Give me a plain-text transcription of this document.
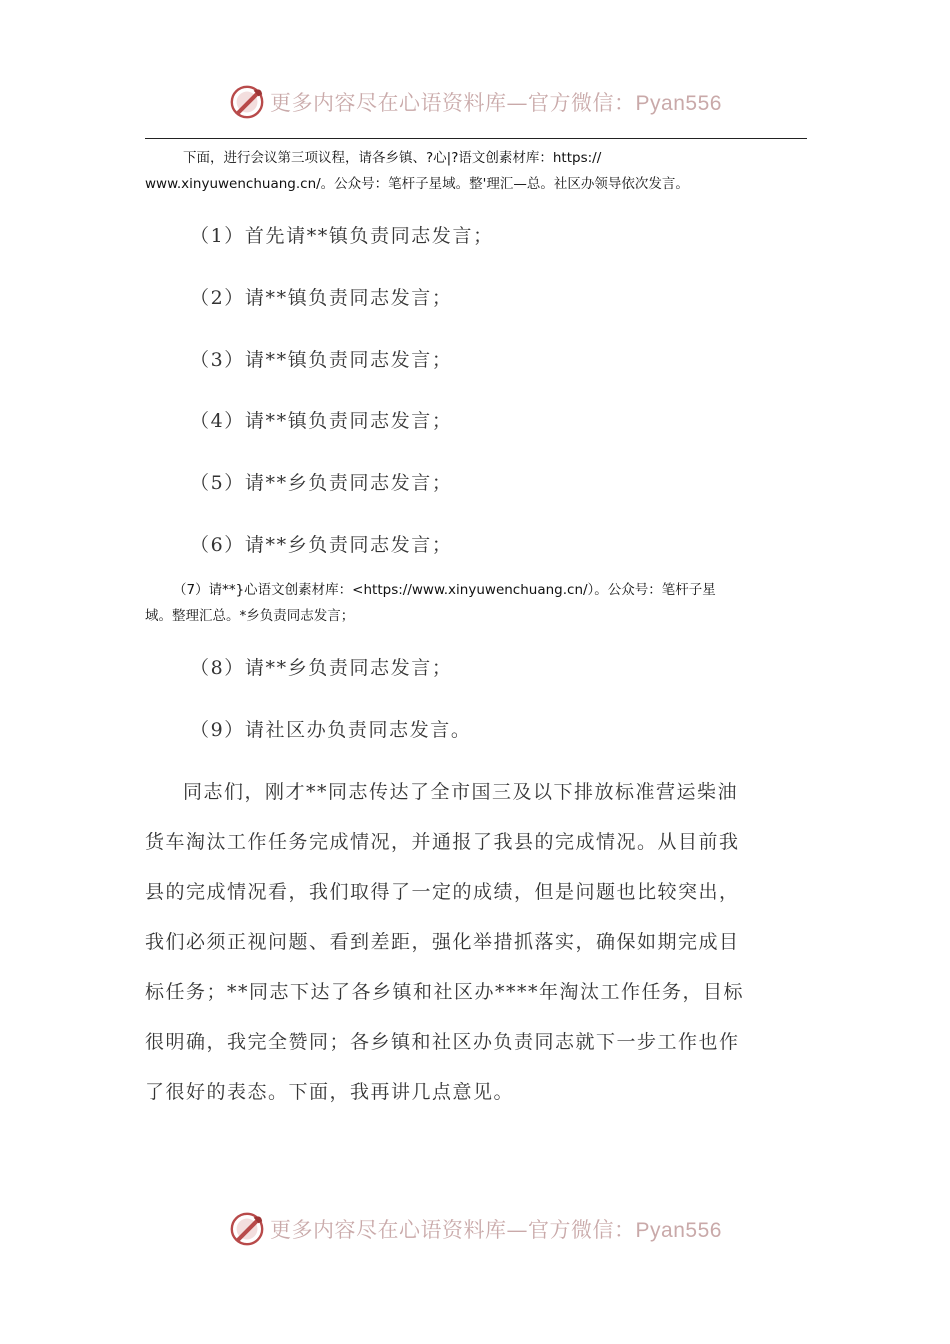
更多内容尽在心语资料库—官方微信：Pyan556
下面，进行会议第三项议程，请各乡镇、?心|?语文创素材库：https://
www.xinyuwenchuang.cn/。公众号：笔杆子星域。整'理汇—总。社区办领导依次发言。
（1）首先请**镇负责同志发言；
（2）请**镇负责同志发言；
（3）请**镇负责同志发言；
（4）请**镇负责同志发言；
（5）请**乡负责同志发言；
（6）请**乡负责同志发言；
（7）请**}心语文创素材库：<https://www.xinyuwenchuang.cn/）。公众号：笔杆子星
域。整理汇总。*乡负责同志发言；
（8）请**乡负责同志发言；
（9）请社区办负责同志发言。
同志们，刚才**同志传达了全市国三及以下排放标准营运柴油
货车淘汰工作任务完成情况，并通报了我县的完成情况。从目前我
县的完成情况看，我们取得了一定的成绩，但是问题也比较突出，
我们必须正视问题、看到差距，强化举措抓落实，确保如期完成目
标任务；**同志下达了各乡镇和社区办****年淘汰工作任务，目标
很明确，我完全赞同；各乡镇和社区办负责同志就下一步工作也作
了很好的表态。下面，我再讲几点意见。
更多内容尽在心语资料库—官方微信：Pyan556
